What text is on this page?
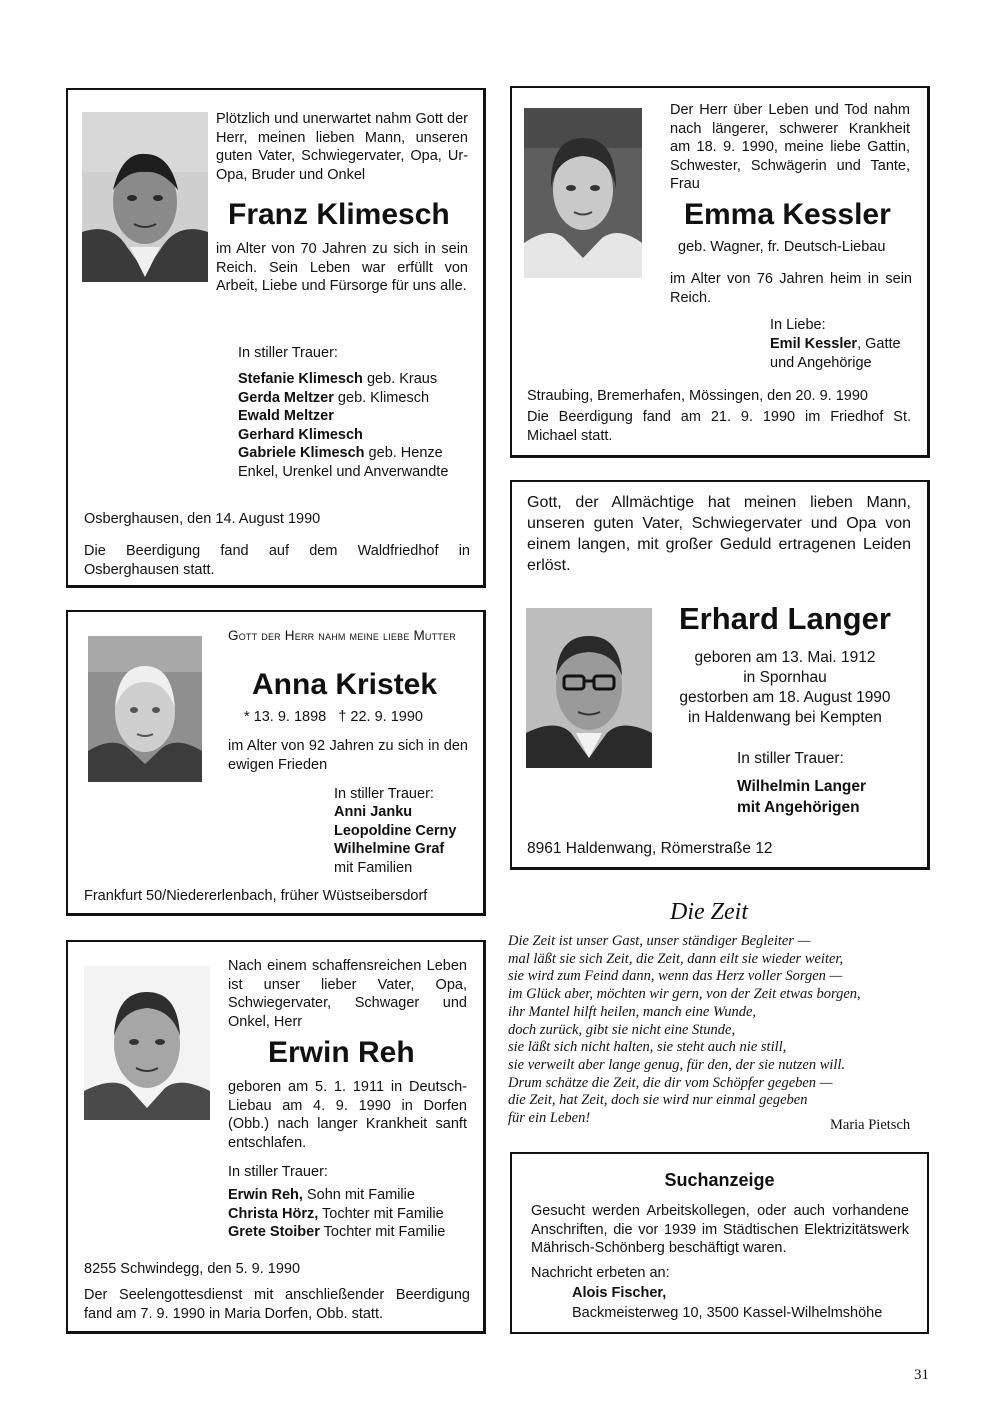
Plötzlich und unerwartet nahm Gott der Herr, meinen lieben Mann, unseren guten Vater, Schwiegervater, Opa, Ur-Opa, Bruder und Onkel

Franz Klimesch

im Alter von 70 Jahren zu sich in sein Reich. Sein Leben war erfüllt von Arbeit, Liebe und Fürsorge für uns alle.

In stiller Trauer:

Stefanie Klimesch geb. Kraus
Gerda Meltzer geb. Klimesch
Ewald Meltzer
Gerhard Klimesch
Gabriele Klimesch geb. Henze
Enkel, Urenkel und Anverwandte

Osberghausen, den 14. August 1990

Die Beerdigung fand auf dem Waldfriedhof in Osberghausen statt.

Der Herr über Leben und Tod nahm nach längerer, schwerer Krankheit am 18. 9. 1990, meine liebe Gattin, Schwester, Schwägerin und Tante, Frau

Emma Kessler

geb. Wagner, fr. Deutsch-Liebau

im Alter von 76 Jahren heim in sein Reich.

In Liebe:

Emil Kessler, Gatte

und Angehörige

Straubing, Bremerhafen, Mössingen, den 20. 9. 1990

Die Beerdigung fand am 21. 9. 1990 im Friedhof St. Michael statt.

Gott, der Allmächtige hat meinen lieben Mann, unseren guten Vater, Schwiegervater und Opa von einem langen, mit großer Geduld ertragenen Leiden erlöst.

Erhard Langer
geboren am 13. Mai. 1912
in Spornhau
gestorben am 18. August 1990
in Haldenwang bei Kempten

In stiller Trauer:

Wilhelmin Langer

mit Angehörigen

8961 Haldenwang, Römerstraße 12

Gott der Herr nahm meine liebe Mutter

Anna Kristek

* 13. 9. 1898   † 22. 9. 1990

im Alter von 92 Jahren zu sich in den ewigen Frieden

In stiller Trauer:

Anni Janku
Leopoldine Cerny
Wilhelmine Graf
mit Familien

Frankfurt 50/Niedererlenbach, früher Wüstseibersdorf

Die Zeit
Die Zeit ist unser Gast, unser ständiger Begleiter —
mal läßt sie sich Zeit, die Zeit, dann eilt sie wieder weiter,
sie wird zum Feind dann, wenn das Herz voller Sorgen —
im Glück aber, möchten wir gern, von der Zeit etwas borgen,
ihr Mantel hilft heilen, manch eine Wunde,
doch zurück, gibt sie nicht eine Stunde,
sie läßt sich nicht halten, sie steht auch nie still,
sie verweilt aber lange genug, für den, der sie nutzen will.
Drum schätze die Zeit, die dir vom Schöpfer gegeben —
die Zeit, hat Zeit, doch sie wird nur einmal gegeben
für ein Leben!	Maria Pietsch

Nach einem schaffensreichen Leben ist unser lieber Vater, Opa, Schwiegervater, Schwager und Onkel, Herr

Erwin Reh

geboren am 5. 1. 1911 in Deutsch-Liebau am 4. 9. 1990 in Dorfen (Obb.) nach langer Krankheit sanft entschlafen.

In stiller Trauer:

Erwin Reh, Sohn mit Familie
Christa Hörz, Tochter mit Familie
Grete Stoiber Tochter mit Familie

8255 Schwindegg, den 5. 9. 1990

Der Seelengottesdienst mit anschließender Beerdigung fand am 7. 9. 1990 in Maria Dorfen, Obb. statt.

Suchanzeige

Gesucht werden Arbeitskollegen, oder auch vorhandene Anschriften, die vor 1939 im Städtischen Elektrizitätswerk Mährisch-Schönberg beschäftigt waren.

Nachricht erbeten an:

Alois Fischer,

Backmeisterweg 10, 3500 Kassel-Wilhelmshöhe

31
